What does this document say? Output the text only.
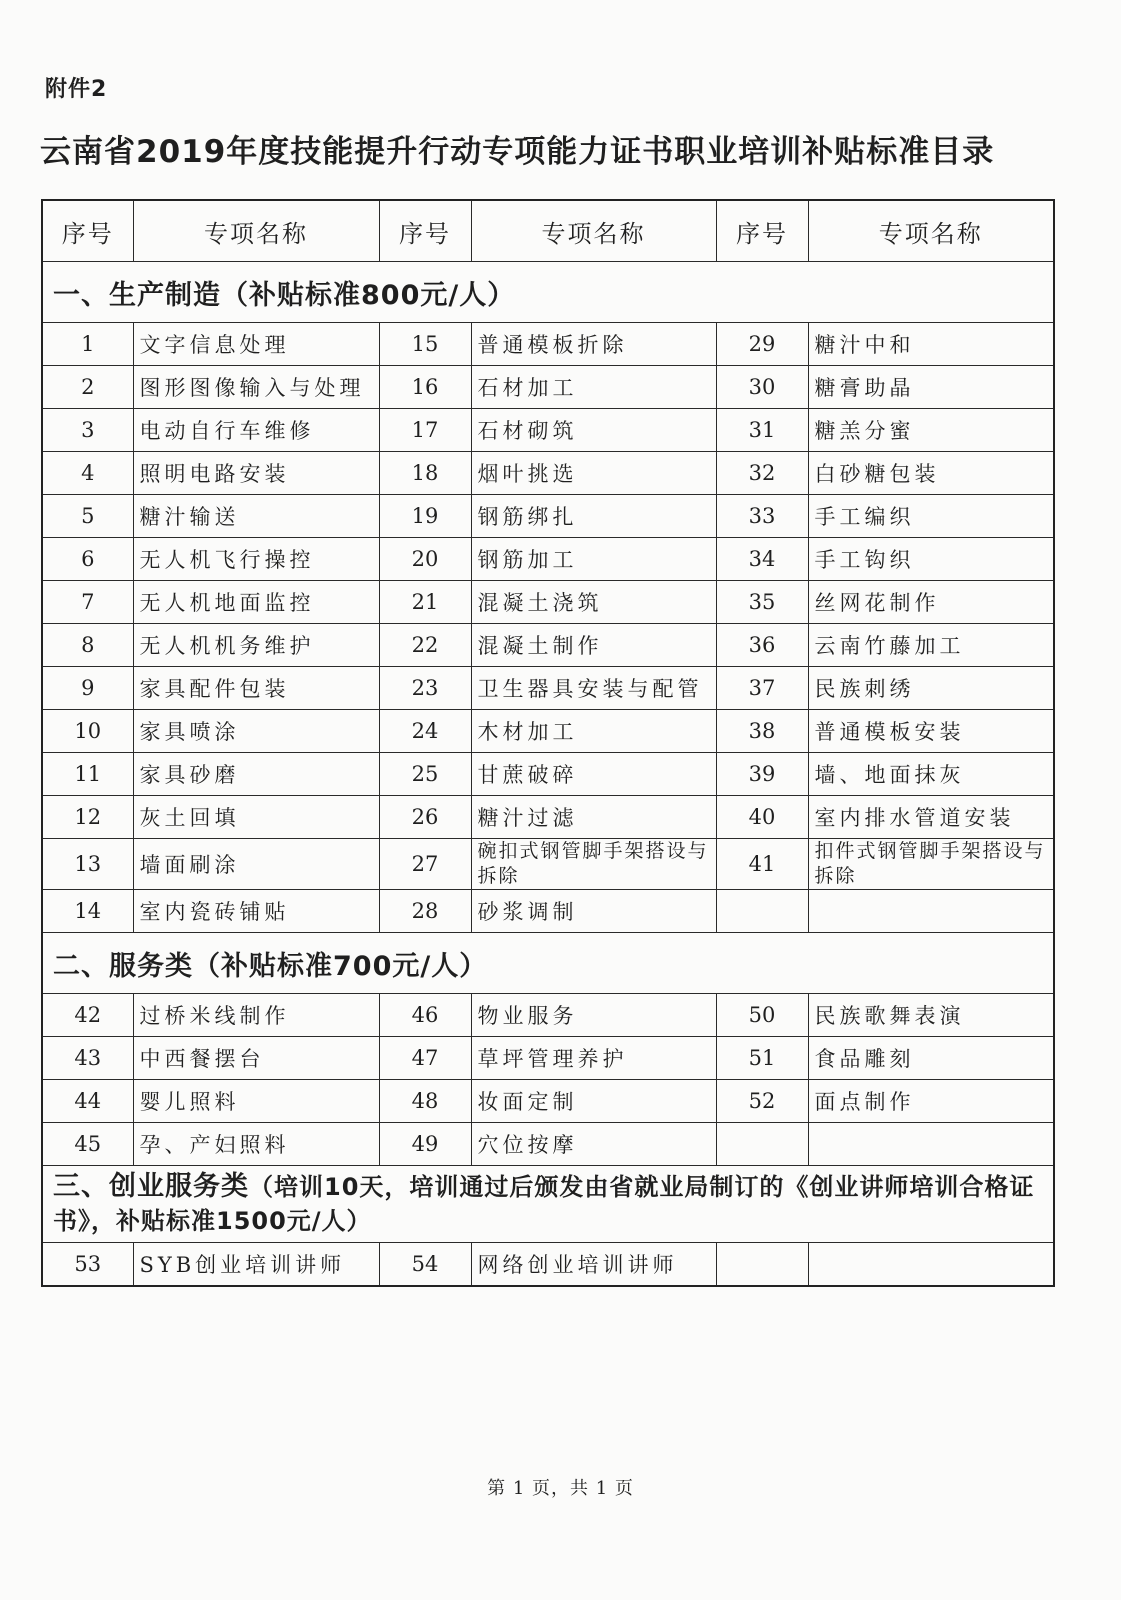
附件2
云南省2019年度技能提升行动专项能力证书职业培训补贴标准目录
序号	专项名称	序号	专项名称	序号	专项名称
一、生产制造（补贴标准800元/人）					
1	文字信息处理	15	普通模板折除	29	糖汁中和
2	图形图像输入与处理	16	石材加工	30	糖膏助晶
3	电动自行车维修	17	石材砌筑	31	糖羔分蜜
4	照明电路安装	18	烟叶挑选	32	白砂糖包装
5	糖汁输送	19	钢筋绑扎	33	手工编织
6	无人机飞行操控	20	钢筋加工	34	手工钩织
7	无人机地面监控	21	混凝土浇筑	35	丝网花制作
8	无人机机务维护	22	混凝土制作	36	云南竹藤加工
9	家具配件包装	23	卫生器具安装与配管	37	民族刺绣
10	家具喷涂	24	木材加工	38	普通模板安装
11	家具砂磨	25	甘蔗破碎	39	墙、地面抹灰
12	灰土回填	26	糖汁过滤	40	室内排水管道安装
13	墙面刷涂	27	碗扣式钢管脚手架搭设与拆除	41	扣件式钢管脚手架搭设与拆除
14	室内瓷砖铺贴	28	砂浆调制		
二、服务类（补贴标准700元/人）					
42	过桥米线制作	46	物业服务	50	民族歌舞表演
43	中西餐摆台	47	草坪管理养护	51	食品雕刻
44	婴儿照料	48	妆面定制	52	面点制作
45	孕、产妇照料	49	穴位按摩		
三、创业服务类（培训10天，培训通过后颁发由省就业局制订的《创业讲师培训合格证书》，补贴标准1500元/人）					
53	SYB创业培训讲师	54	网络创业培训讲师		
第 1 页，共 1 页
